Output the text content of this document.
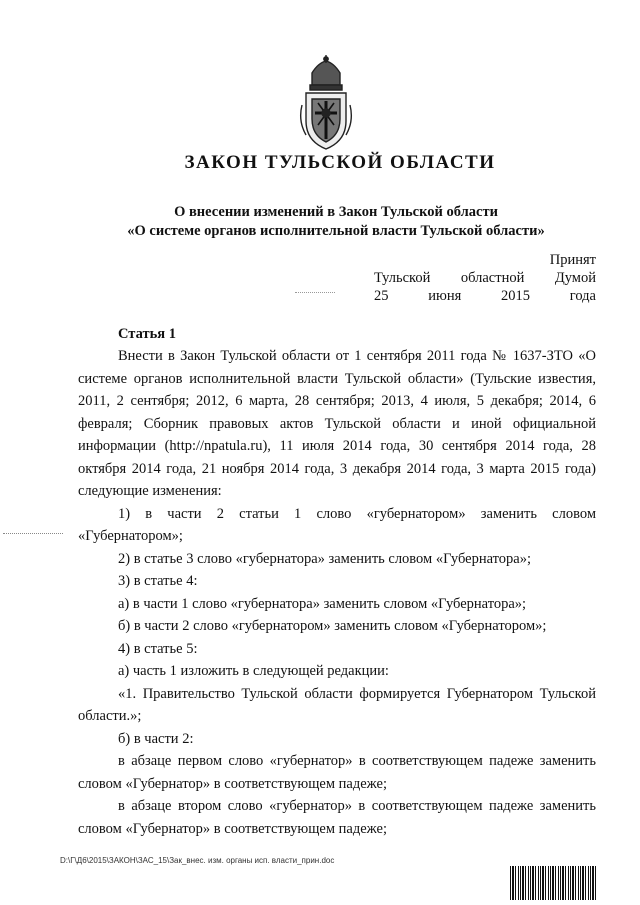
ЗАКОН ТУЛЬСКОЙ ОБЛАСТИ
О внесении изменений в Закон Тульской области
«О системе органов исполнительной власти Тульской области»
Принят
Тульской областной Думой
25	июня	2015	года
Статья 1

Внести в Закон Тульской области от 1 сентября 2011 года № 1637-ЗТО «О системе органов исполнительной власти Тульской области» (Тульские известия, 2011, 2 сентября; 2012, 6 марта, 28 сентября; 2013, 4 июля, 5 декабря; 2014, 6 февраля; Сборник правовых актов Тульской области и иной официальной информации (http://npatula.ru), 11 июля 2014 года, 30 сентября 2014 года, 28 октября 2014 года, 21 ноября 2014 года, 3 декабря 2014 года, 3 марта 2015 года) следующие изменения:

1) в части 2 статьи 1 слово «губернатором» заменить словом «Губернатором»;

2) в статье 3 слово «губернатора» заменить словом «Губернатора»;

3) в статье 4:

а) в части 1 слово «губернатора» заменить словом «Губернатора»;

б) в части 2 слово «губернатором» заменить словом «Губернатором»;

4) в статье 5:

а) часть 1 изложить в следующей редакции:

«1. Правительство Тульской области формируется Губернатором Тульской области.»;

б) в части 2:

в абзаце первом слово «губернатор» в соответствующем падеже заменить словом «Губернатор» в соответствующем падеже;

в абзаце втором слово «губернатор» в соответствующем падеже заменить словом «Губернатор» в соответствующем падеже;

D:\Г\Д6\2015\ЗАКОН\ЗАС_15\Зак_внес. изм. органы исп. власти_прин.doc
